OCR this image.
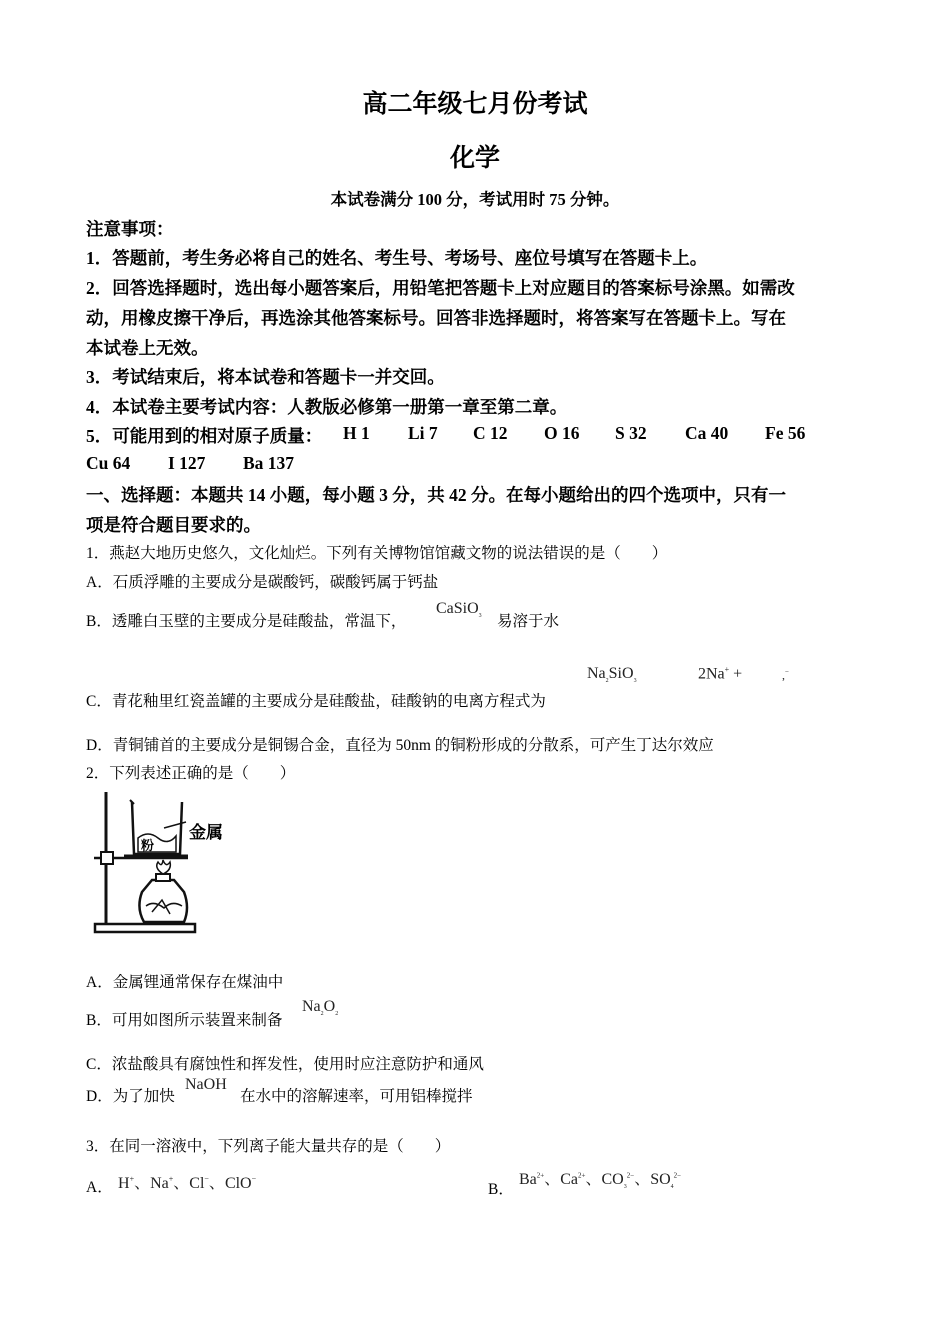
高二年级七月份考试
化学
本试卷满分 100 分，考试用时 75 分钟。
注意事项：
1．答题前，考生务必将自己的姓名、考生号、考场号、座位号填写在答题卡上。
2．回答选择题时，选出每小题答案后，用铅笔把答题卡上对应题目的答案标号涂黑。如需改
动，用橡皮擦干净后，再选涂其他答案标号。回答非选择题时，将答案写在答题卡上。写在
本试卷上无效。
3．考试结束后，将本试卷和答题卡一并交回。
4．本试卷主要考试内容：人教版必修第一册第一章至第二章。
5．可能用到的相对原子质量： H 1 Li 7 C 12 O 16 S 32 Ca 40 Fe 56
Cu 64 I 127 Ba 137
一、选择题：本题共 14 小题，每小题 3 分，共 42 分。在每小题给出的四个选项中，只有一
项是符合题目要求的。
1．燕赵大地历史悠久，文化灿烂。下列有关博物馆馆藏文物的说法错误的是（　　）
A．石质浮雕的主要成分是碳酸钙，碳酸钙属于钙盐
B．透雕白玉壁的主要成分是硅酸盐，常温下，
CaSiO$_3$ 易溶于水
$Na_2SiO_3$	2Na+ +	,−
C．青花釉里红瓷盖罐的主要成分是硅酸盐，硅酸钠的电离方程式为
D．青铜铺首的主要成分是铜锡合金，直径为 50nm 的铜粉形成的分散系，可产生丁达尔效应
2．下列表述正确的是（　　）
粉
金属
A．金属锂通常保存在煤油中
B．可用如图所示装置来制备
$Na_2O_2$
C．浓盐酸具有腐蚀性和挥发性，使用时应注意防护和通风
D．为了加快
NaOH
在水中的溶解速率，可用铝棒搅拌
3．在同一溶液中，下列离子能大量共存的是（　　）
A． H+、Na+、Cl−、ClO−
B．
$Ba^{2+}$、$Ca^{2+}$、$CO_3^{2-}$、$SO_4^{2-}$
